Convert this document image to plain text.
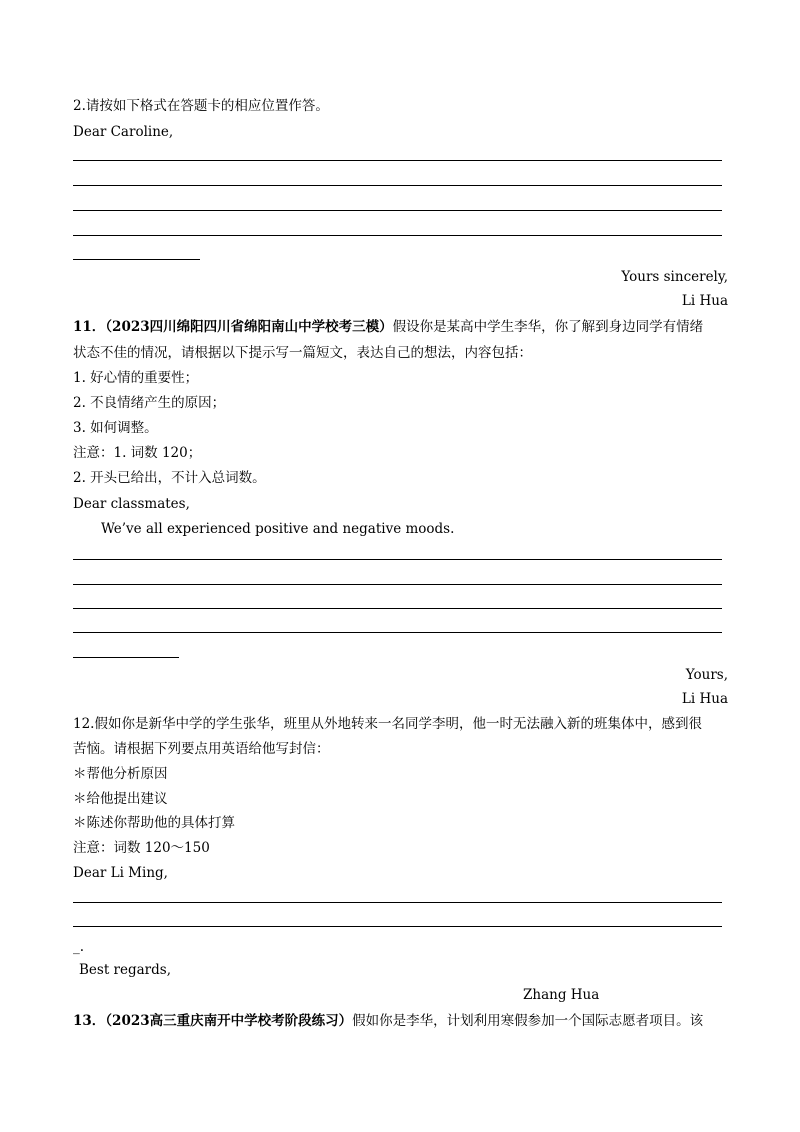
2.请按如下格式在答题卡的相应位置作答。
Dear Caroline,
Yours sincerely,
Li Hua
11．（2023四川绵阳四川省绵阳南山中学校考三模）假设你是某高中学生李华，你了解到身边同学有情绪
状态不佳的情况，请根据以下提示写一篇短文，表达自己的想法，内容包括：
1. 好心情的重要性；
2. 不良情绪产生的原因；
3. 如何调整。
注意：1. 词数 120；
2. 开头已给出，不计入总词数。
Dear classmates,
We’ve all experienced positive and negative moods.
Yours,
Li Hua
12.假如你是新华中学的学生张华，班里从外地转来一名同学李明，他一时无法融入新的班集体中，感到很
苦恼。请根据下列要点用英语给他写封信：
＊帮他分析原因
＊给他提出建议
＊陈述你帮助他的具体打算
注意：词数 120～150
Dear Li Ming,
_.
Best regards,
Zhang Hua
13．（2023高三重庆南开中学校考阶段练习）假如你是李华，计划利用寒假参加一个国际志愿者项目。该
